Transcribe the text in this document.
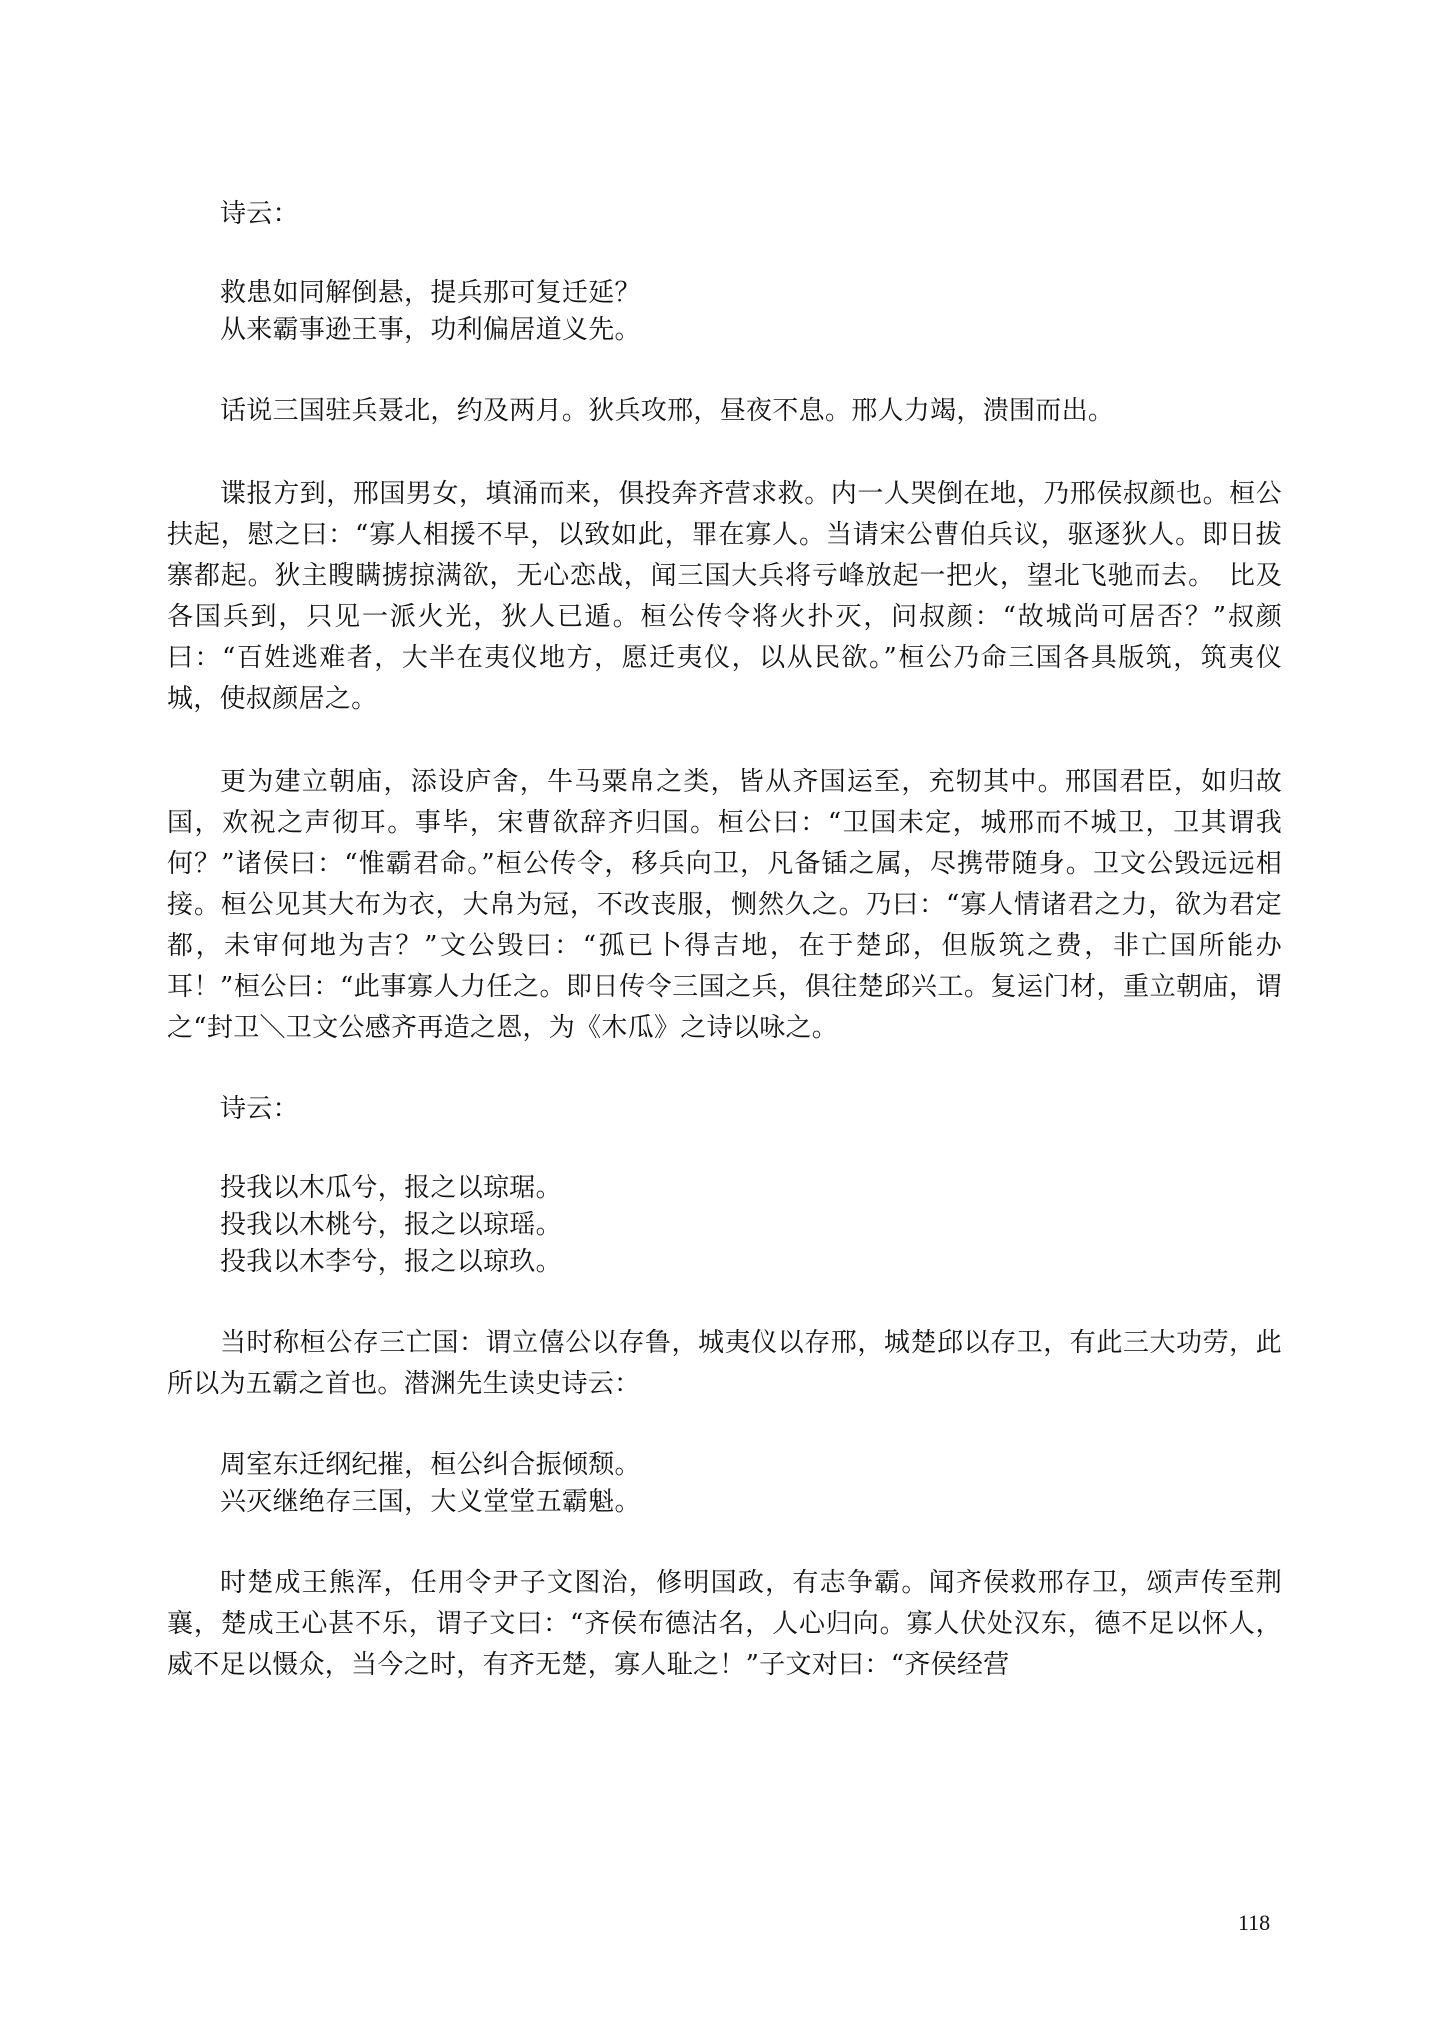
诗云：
救患如同解倒悬，提兵那可复迁延？
从来霸事逊王事，功利偏居道义先。
话说三国驻兵聂北，约及两月。狄兵攻邢，昼夜不息。邢人力竭，溃围而出。
谍报方到，邢国男女，填涌而来，俱投奔齐营求救。内一人哭倒在地，乃邢侯叔颜也。桓公扶起，慰之曰：“寡人相援不早，以致如此，罪在寡人。当请宋公曹伯兵议，驱逐狄人。即日拔寨都起。狄主瞍瞒掳掠满欲，无心恋战，闻三国大兵将亏峰放起一把火，望北飞驰而去。　比及各国兵到，只见一派火光，狄人已遁。桓公传令将火扑灭，问叔颜：“故城尚可居否？”叔颜曰：“百姓逃难者，大半在夷仪地方，愿迁夷仪，以从民欲。”桓公乃命三国各具版筑，筑夷仪城，使叔颜居之。
更为建立朝庙，添设庐舍，牛马粟帛之类，皆从齐国运至，充牣其中。邢国君臣，如归故国，欢祝之声彻耳。事毕，宋曹欲辞齐归国。桓公曰：“卫国未定，城邢而不城卫，卫其谓我何？”诸侯曰：“惟霸君命。”桓公传令，移兵向卫，凡备锸之属，尽携带随身。卫文公毁远远相接。桓公见其大布为衣，大帛为冠，不改丧服，恻然久之。乃曰：“寡人情诸君之力，欲为君定都，未审何地为吉？”文公毁曰：“孤已卜得吉地，在于楚邱，但版筑之费，非亡国所能办耳！”桓公曰：“此事寡人力任之。即日传令三国之兵，俱往楚邱兴工。复运门材，重立朝庙，谓之“封卫＼卫文公感齐再造之恩，为《木瓜》之诗以咏之。
诗云：
投我以木瓜兮，报之以琼琚。
投我以木桃兮，报之以琼瑶。
投我以木李兮，报之以琼玖。
当时称桓公存三亡国：谓立僖公以存鲁，城夷仪以存邢，城楚邱以存卫，有此三大功劳，此所以为五霸之首也。潜渊先生读史诗云：
周室东迁纲纪摧，桓公纠合振倾颓。
兴灭继绝存三国，大义堂堂五霸魁。
时楚成王熊浑，任用令尹子文图治，修明国政，有志争霸。闻齐侯救邢存卫，颂声传至荆襄，楚成王心甚不乐，谓子文曰：“齐侯布德沽名，人心归向。寡人伏处汉东，德不足以怀人，威不足以慑众，当今之时，有齐无楚，寡人耻之！”子文对曰：“齐侯经营
118
